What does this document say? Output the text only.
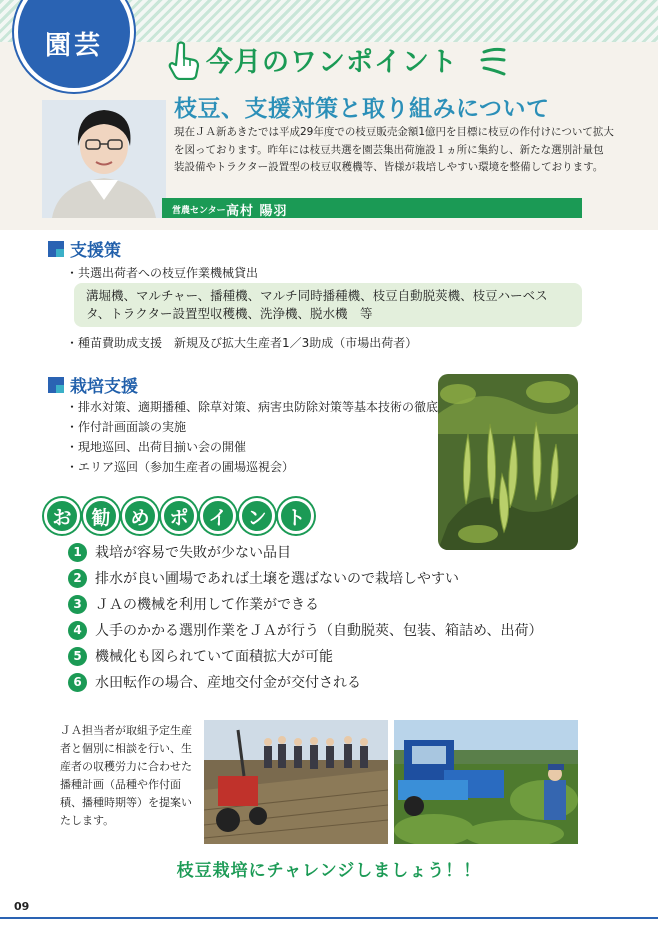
園芸
今月のワンポイント
枝豆、支援対策と取り組みについて

現在ＪＡ新あきたでは平成29年度での枝豆販売金額1億円を目標に枝豆の作付けについて拡大を図っております。昨年には枝豆共選を園芸集出荷施設１ヵ所に集約し、新たな選別計量包装設備やトラクター設置型の枝豆収穫機等、皆様が栽培しやすい環境を整備しております。

営農センター 高村 陽羽
支援策
・共選出荷者への枝豆作業機械貸出
溝堀機、マルチャー、播種機、マルチ同時播種機、枝豆自動脱莢機、枝豆ハーベスタ、トラクター設置型収穫機、洗浄機、脱水機　等
・種苗費助成支援　新規及び拡大生産者1／3助成（市場出荷者）
栽培支援
・排水対策、適期播種、除草対策、病害虫防除対策等基本技術の徹底
・作付計画面談の実施
・現地巡回、出荷目揃い会の開催
・エリア巡回（参加生産者の圃場巡視会）
お	勧	め	ポ	イ	ン	ト
1 栽培が容易で失敗が少ない品目
2 排水が良い圃場であれば土壌を選ばないので栽培しやすい
3 ＪＡの機械を利用して作業ができる
4 人手のかかる選別作業をＪＡが行う（自動脱莢、包装、箱詰め、出荷）
5 機械化も図られていて面積拡大が可能
6 水田転作の場合、産地交付金が交付される

ＪＡ担当者が取組予定生産者と個別に相談を行い、生産者の収穫労力に合わせた播種計画（品種や作付面積、播種時期等）を提案いたします。

枝豆栽培にチャレンジしましょう！！
09
